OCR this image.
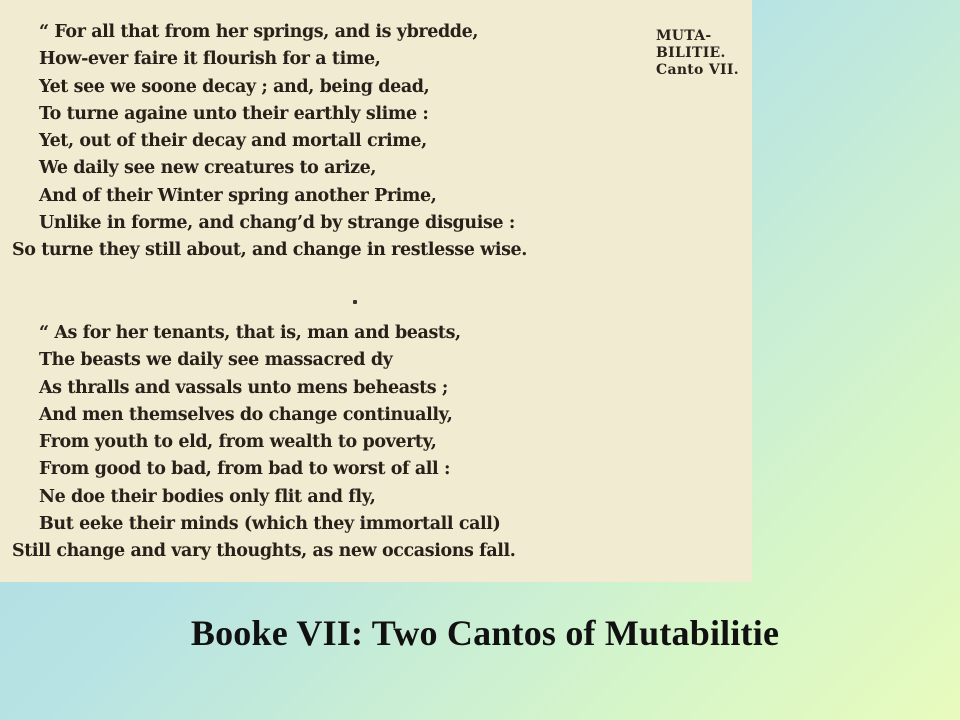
“ For all that from her springs, and is ybredde,
How-ever faire it flourish for a time,
Yet see we soone decay ; and, being dead,
To turne againe unto their earthly slime :
Yet, out of their decay and mortall crime,
We daily see new creatures to arize,
And of their Winter spring another Prime,
Unlike in forme, and chang’d by strange disguise :
So turne they still about, and change in restlesse wise.
“ As for her tenants, that is, man and beasts,
The beasts we daily see massacred dy
As thralls and vassals unto mens beheasts ;
And men themselves do change continually,
From youth to eld, from wealth to poverty,
From good to bad, from bad to worst of all :
Ne doe their bodies only flit and fly,
But eeke their minds (which they immortall call)
Still change and vary thoughts, as new occasions fall.
MUTA-
BILITIE.
Canto VII.
Booke VII: Two Cantos of Mutabilitie
